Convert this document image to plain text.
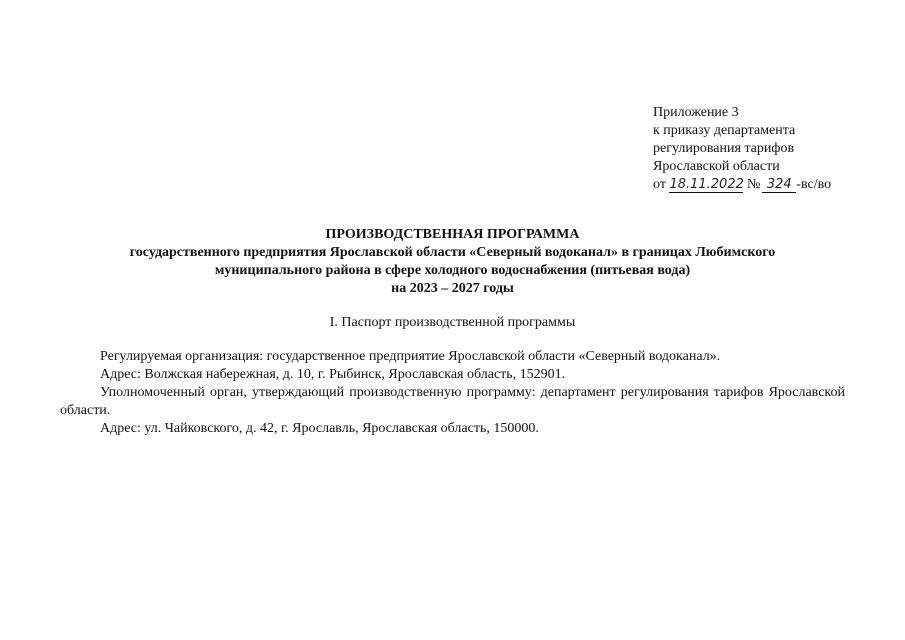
Приложение 3
к приказу департамента
регулирования тарифов
Ярославской области
от 18.11.2022 № 324 -вс/во
ПРОИЗВОДСТВЕННАЯ ПРОГРАММА
государственного предприятия Ярославской области «Северный водоканал» в границах Любимского
муниципального района в сфере холодного водоснабжения (питьевая вода)
на 2023 – 2027 годы
I. Паспорт производственной программы

Регулируемая организация: государственное предприятие Ярославской области «Северный водоканал».

Адрес: Волжская набережная, д. 10, г. Рыбинск, Ярославская область, 152901.

Уполномоченный орган, утверждающий производственную программу: департамент регулирования тарифов Ярославской области.

Адрес: ул. Чайковского, д. 42, г. Ярославль, Ярославская область, 150000.
